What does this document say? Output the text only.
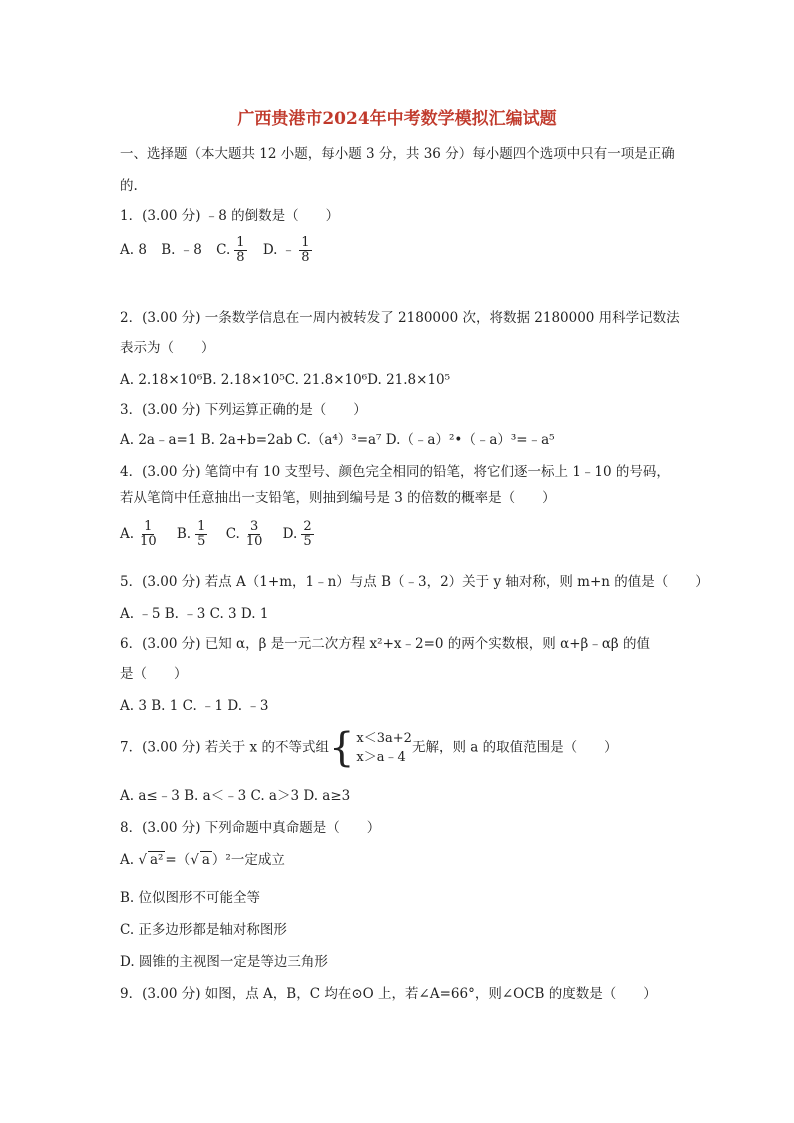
广西贵港市2024年中考数学模拟汇编试题
一、选择题（本大题共 12 小题，每小题 3 分，共 36 分）每小题四个选项中只有一项是正确
的.
1．(3.00 分) ﹣8 的倒数是（　　）
A. 8 B. ﹣8 C. $\frac{1}{8} D$. ﹣ $\frac{1}{8}$
2．(3.00 分) 一条数学信息在一周内被转发了 2180000 次，将数据 2180000 用科学记数法
表示为（　　）
A. 2.18×10⁶B. 2.18×10⁵C. 21.8×10⁶D. 21.8×10⁵
3．(3.00 分) 下列运算正确的是（　　）
A. 2a﹣a=1 B. 2a+b=2ab C.（a⁴）³=a⁷ D.（﹣a）²•（﹣a）³=﹣a⁵
4．(3.00 分) 笔筒中有 10 支型号、颜色完全相同的铅笔，将它们逐一标上 1﹣10 的号码，
若从笔筒中任意抽出一支铅笔，则抽到编号是 3 的倍数的概率是（　　）
A. $\frac{1}{10} B$. $\frac{1}{5} C$. $\frac{3}{10} D$. $\frac{2}{5}$
5．(3.00 分) 若点 A（1+m，1﹣n）与点 B（﹣3，2）关于 y 轴对称，则 m+n 的值是（　　）
A. ﹣5 B. ﹣3 C. 3 D. 1
6．(3.00 分) 已知 α，β 是一元二次方程 x²+x﹣2=0 的两个实数根，则 α+β﹣αβ 的值
是（　　）
A. 3 B. 1 C. ﹣1 D. ﹣3
7．(3.00 分) 若关于 x 的不等式组 { x＜3a+2
x＞a﹣4
无解，则 a 的取值范围是（　　）
A. a≤﹣3 B. a＜﹣3 C. a＞3 D. a≥3
8．(3.00 分) 下列命题中真命题是（　　）
A. √ a² =（√ a ）²一定成立
B. 位似图形不可能全等
C. 正多边形都是轴对称图形
D. 圆锥的主视图一定是等边三角形
9．(3.00 分) 如图，点 A，B，C 均在⊙O 上，若∠A=66°，则∠OCB 的度数是（　　）
